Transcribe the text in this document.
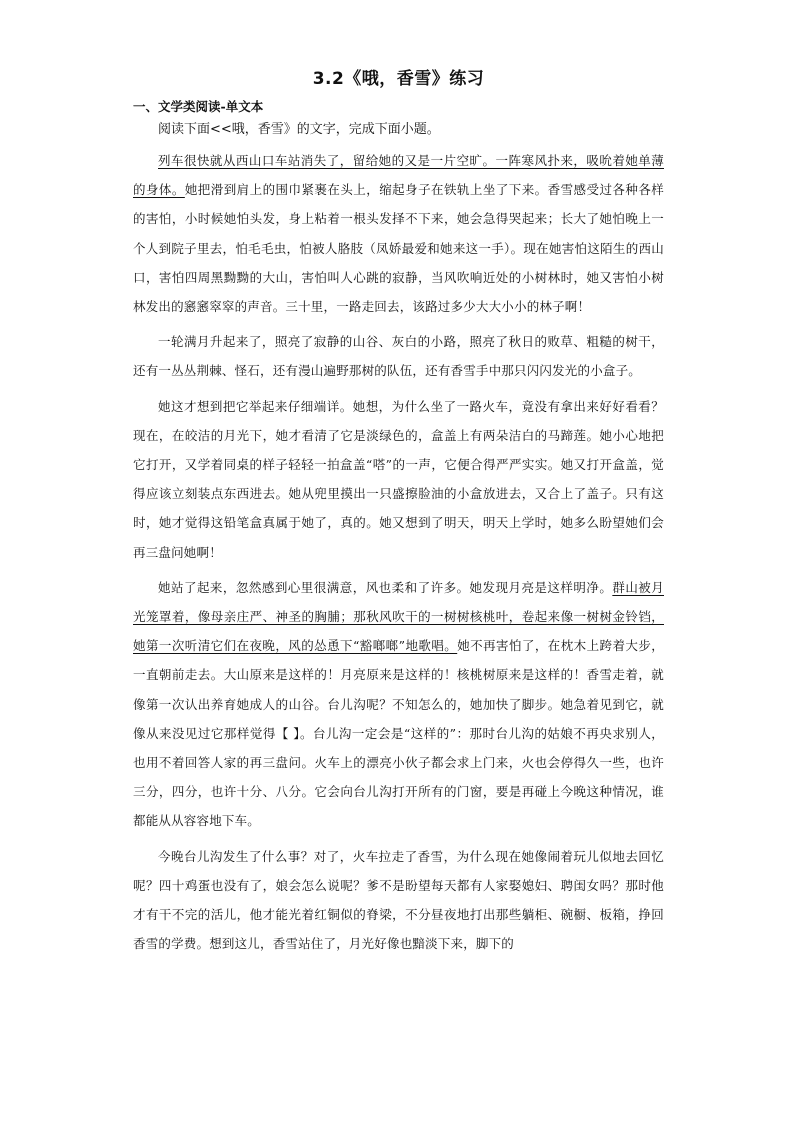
3.2《哦，香雪》练习
一、文学类阅读-单文本
阅读下面<<哦，香雪》的文字，完成下面小题。
列车很快就从西山口车站消失了，留给她的又是一片空旷。一阵寒风扑来，吸吮着她单薄的身体。她把滑到肩上的围巾紧裹在头上，缩起身子在铁轨上坐了下来。香雪感受过各种各样的害怕，小时候她怕头发，身上粘着一根头发择不下来，她会急得哭起来；长大了她怕晚上一个人到院子里去，怕毛毛虫，怕被人胳肢（凤娇最爱和她来这一手）。现在她害怕这陌生的西山口，害怕四周黑黝黝的大山，害怕叫人心跳的寂静，当风吹响近处的小树林时，她又害怕小树林发出的窸窸窣窣的声音。三十里，一路走回去，该路过多少大大小小的林子啊！
一轮满月升起来了，照亮了寂静的山谷、灰白的小路，照亮了秋日的败草、粗糙的树干，还有一丛丛荆棘、怪石，还有漫山遍野那树的队伍，还有香雪手中那只闪闪发光的小盒子。
她这才想到把它举起来仔细端详。她想，为什么坐了一路火车，竟没有拿出来好好看看？现在，在皎洁的月光下，她才看清了它是淡绿色的，盒盖上有两朵洁白的马蹄莲。她小心地把它打开，又学着同桌的样子轻轻一拍盒盖“嗒”的一声，它便合得严严实实。她又打开盒盖，觉得应该立刻装点东西进去。她从兜里摸出一只盛擦脸油的小盒放进去，又合上了盖子。只有这时，她才觉得这铅笔盒真属于她了，真的。她又想到了明天，明天上学时，她多么盼望她们会再三盘问她啊！
她站了起来，忽然感到心里很满意，风也柔和了许多。她发现月亮是这样明净。群山被月光笼罩着，像母亲庄严、神圣的胸脯；那秋风吹干的一树树核桃叶，卷起来像一树树金铃铛，她第一次听清它们在夜晚，风的怂恿下“豁啷啷”地歌唱。她不再害怕了，在枕木上跨着大步，一直朝前走去。大山原来是这样的！月亮原来是这样的！核桃树原来是这样的！香雪走着，就像第一次认出养育她成人的山谷。台儿沟呢？不知怎么的，她加快了脚步。她急着见到它，就像从来没见过它那样觉得【 】。台儿沟一定会是“这样的”：那时台儿沟的姑娘不再央求别人，也用不着回答人家的再三盘问。火车上的漂亮小伙子都会求上门来，火也会停得久一些，也许三分，四分，也许十分、八分。它会向台儿沟打开所有的门窗，要是再碰上今晚这种情况，谁都能从从容容地下车。
今晚台儿沟发生了什么事？对了，火车拉走了香雪，为什么现在她像闹着玩儿似地去回忆呢？四十鸡蛋也没有了，娘会怎么说呢？爹不是盼望每天都有人家娶媳妇、聘闺女吗？那时他才有干不完的活儿，他才能光着红铜似的脊梁，不分昼夜地打出那些躺柜、碗橱、板箱，挣回香雪的学费。想到这儿，香雪站住了，月光好像也黯淡下来，脚下的
